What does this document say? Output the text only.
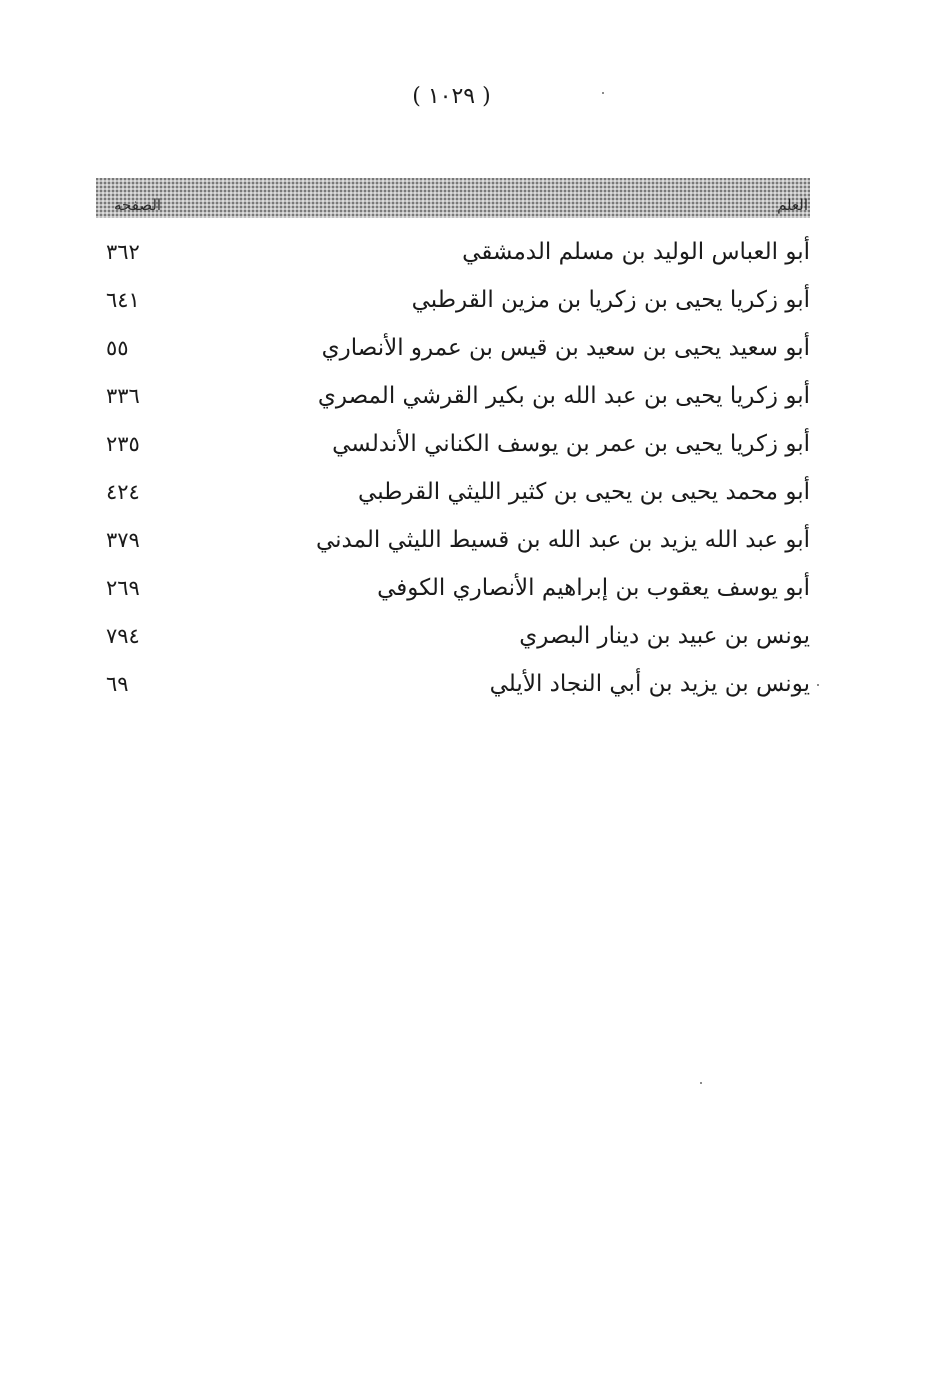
( ١٠٢٩ )
العلم
الصفحة
أبو العباس الوليد بن مسلم الدمشقي
٣٦٢
أبو زكريا يحيى بن زكريا بن مزين القرطبي
٦٤١
أبو سعيد يحيى بن سعيد بن قيس بن عمرو الأنصاري
٥٥
أبو زكريا يحيى بن عبد الله بن بكير القرشي المصري
٣٣٦
أبو زكريا يحيى بن عمر بن يوسف الكناني الأندلسي
٢٣٥
أبو محمد يحيى بن يحيى بن كثير الليثي القرطبي
٤٢٤
أبو عبد الله يزيد بن عبد الله بن قسيط الليثي المدني
٣٧٩
أبو يوسف يعقوب بن إبراهيم الأنصاري الكوفي
٢٦٩
يونس بن عبيد بن دينار البصري
٧٩٤
يونس بن يزيد بن أبي النجاد الأيلي
٦٩
